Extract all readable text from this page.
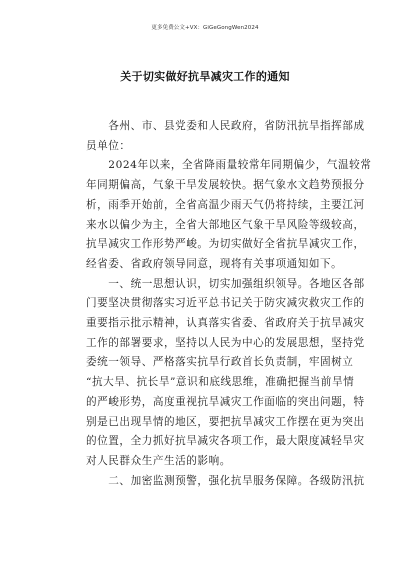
更多免费公文+VX：GiGeGongWen2024
关于切实做好抗旱减灾工作的通知
　　各州、市、县党委和人民政府，省防汛抗旱指挥部成
员单位：
　　2024年以来，全省降雨量较常年同期偏少，气温较常
年同期偏高，气象干旱发展较快。据气象水文趋势预报分
析，雨季开始前，全省高温少雨天气仍将持续，主要江河
来水以偏少为主，全省大部地区气象干旱风险等级较高，
抗旱减灾工作形势严峻。为切实做好全省抗旱减灾工作，
经省委、省政府领导同意，现将有关事项通知如下。
　　一、统一思想认识，切实加强组织领导。各地区各部
门要坚决贯彻落实习近平总书记关于防灾减灾救灾工作的
重要指示批示精神，认真落实省委、省政府关于抗旱减灾
工作的部署要求，坚持以人民为中心的发展思想，坚持党
委统一领导、严格落实抗旱行政首长负责制，牢固树立
“抗大旱、抗长旱”意识和底线思维，准确把握当前旱情
的严峻形势，高度重视抗旱减灾工作面临的突出问题，特
别是已出现旱情的地区，要把抗旱减灾工作摆在更为突出
的位置，全力抓好抗旱减灾各项工作，最大限度减轻旱灾
对人民群众生产生活的影响。
　　二、加密监测预警，强化抗旱服务保障。各级防汛抗
